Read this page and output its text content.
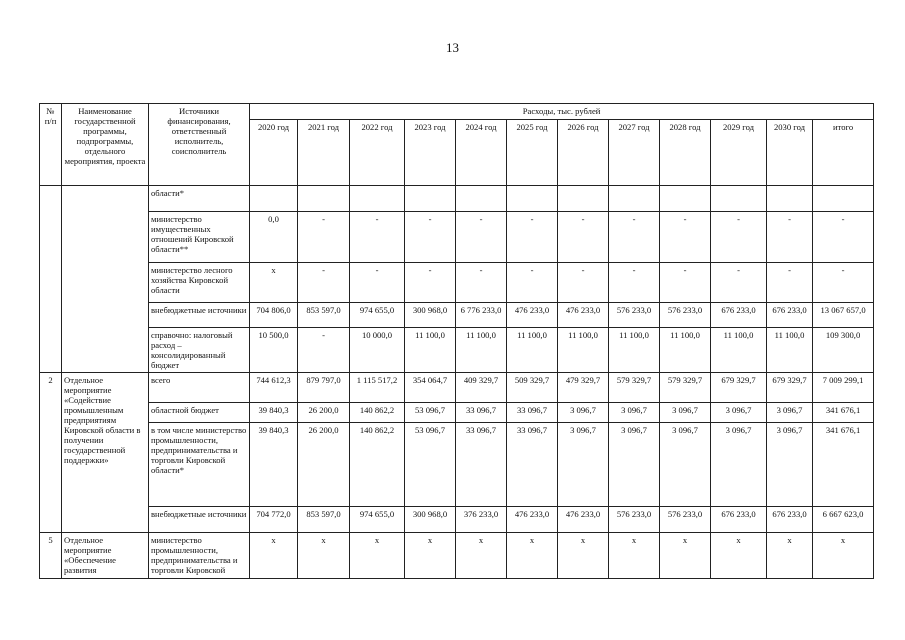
13
№ п/п	Наименование государственной программы, подпрограммы, отдельного мероприятия, проекта	Источники финансирования, ответственный исполнитель, соисполнитель	Расходы, тыс. рублей											
			2020 год	2021 год	2022 год	2023 год	2024 год	2025 год	2026 год	2027 год	2028 год	2029 год	2030 год	итого
		области*												
		министерство имущественных отношений Кировской области**	0,0	-	-	-	-	-	-	-	-	-	-	-
		министерство лесного хозяйства Кировской области	х	-	-	-	-	-	-	-	-	-	-	-
		внебюджетные источники	704 806,0	853 597,0	974 655,0	300 968,0	6 776 233,0	476 233,0	476 233,0	576 233,0	576 233,0	676 233,0	676 233,0	13 067 657,0
		справочно: налоговый расход – консолидированный бюджет	10 500,0	-	10 000,0	11 100,0	11 100,0	11 100,0	11 100,0	11 100,0	11 100,0	11 100,0	11 100,0	109 300,0
2	Отдельное мероприятие «Содействие промышленным предприятиям Кировской области в получении государственной поддержки»	всего	744 612,3	879 797,0	1 115 517,2	354 064,7	409 329,7	509 329,7	479 329,7	579 329,7	579 329,7	679 329,7	679 329,7	7 009 299,1
		областной бюджет	39 840,3	26 200,0	140 862,2	53 096,7	33 096,7	33 096,7	3 096,7	3 096,7	3 096,7	3 096,7	3 096,7	341 676,1
		в том числе министерство промышленности, предпринимательства и торговли Кировской области*	39 840,3	26 200,0	140 862,2	53 096,7	33 096,7	33 096,7	3 096,7	3 096,7	3 096,7	3 096,7	3 096,7	341 676,1
		внебюджетные источники	704 772,0	853 597,0	974 655,0	300 968,0	376 233,0	476 233,0	476 233,0	576 233,0	576 233,0	676 233,0	676 233,0	6 667 623,0
5	Отдельное мероприятие «Обеспечение развития	министерство промышленности, предпринимательства и торговли Кировской	х	х	х	х	х	х	х	х	х	х	х	х
